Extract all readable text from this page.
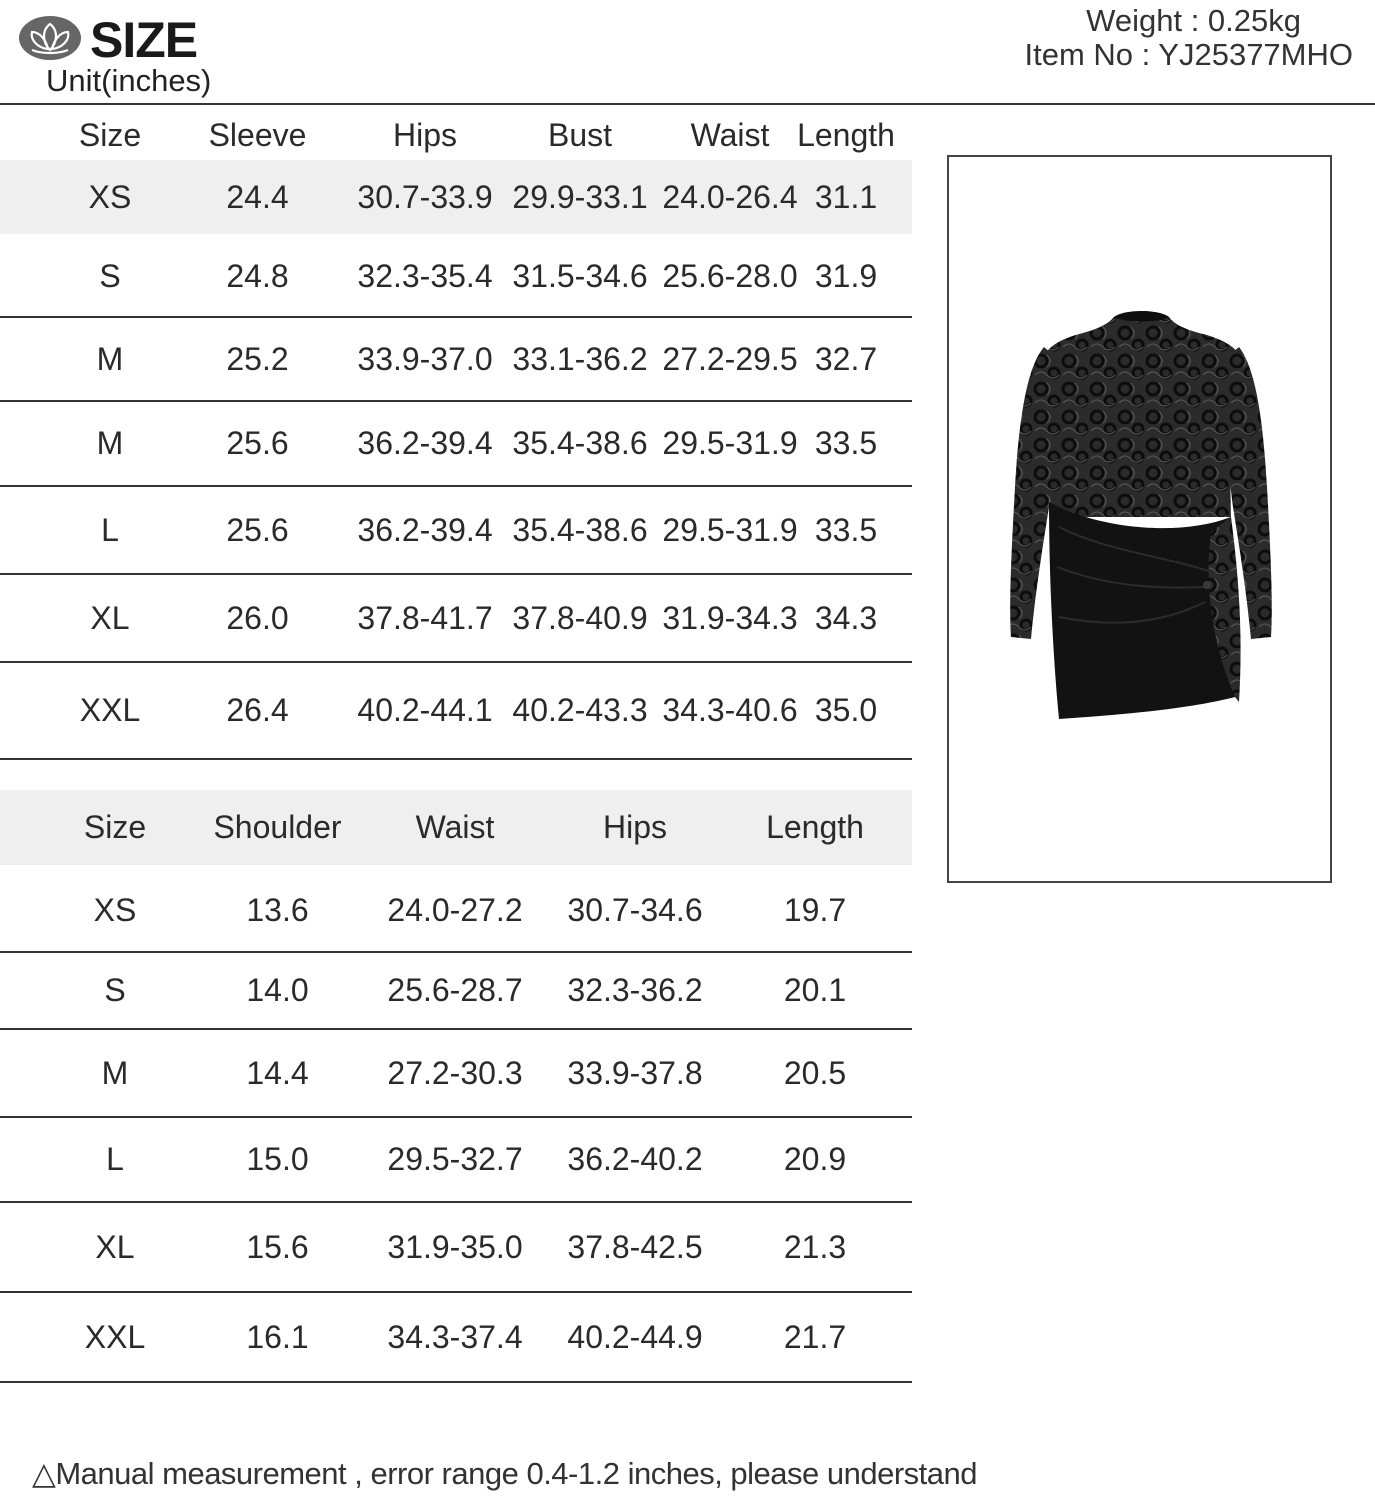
SIZE
Unit(inches)
Weight : 0.25kg
Item No : YJ25377MHO
Size	Sleeve	Hips	Bust	Waist Length
XS	24.4	30.7-33.9 29.9-33.1 24.0-26.4 31.1
S	24.8	32.3-35.4 31.5-34.6 25.6-28.0 31.9
M	25.2	33.9-37.0 33.1-36.2 27.2-29.5 32.7
M	25.6	36.2-39.4 35.4-38.6 29.5-31.9 33.5
L	25.6	36.2-39.4 35.4-38.6 29.5-31.9 33.5
XL	26.0	37.8-41.7 37.8-40.9 31.9-34.3 34.3
XXL	26.4	40.2-44.1 40.2-43.3 34.3-40.6 35.0
Size	Shoulder	Waist	Hips	Length
XS	13.6	24.0-27.2	30.7-34.6	19.7
S	14.0	25.6-28.7	32.3-36.2	20.1
M	14.4	27.2-30.3	33.9-37.8	20.5
L	15.0	29.5-32.7	36.2-40.2	20.9
XL	15.6	31.9-35.0	37.8-42.5	21.3
XXL	16.1	34.3-37.4	40.2-44.9	21.7
△Manual measurement , error range 0.4-1.2 inches, please understand
